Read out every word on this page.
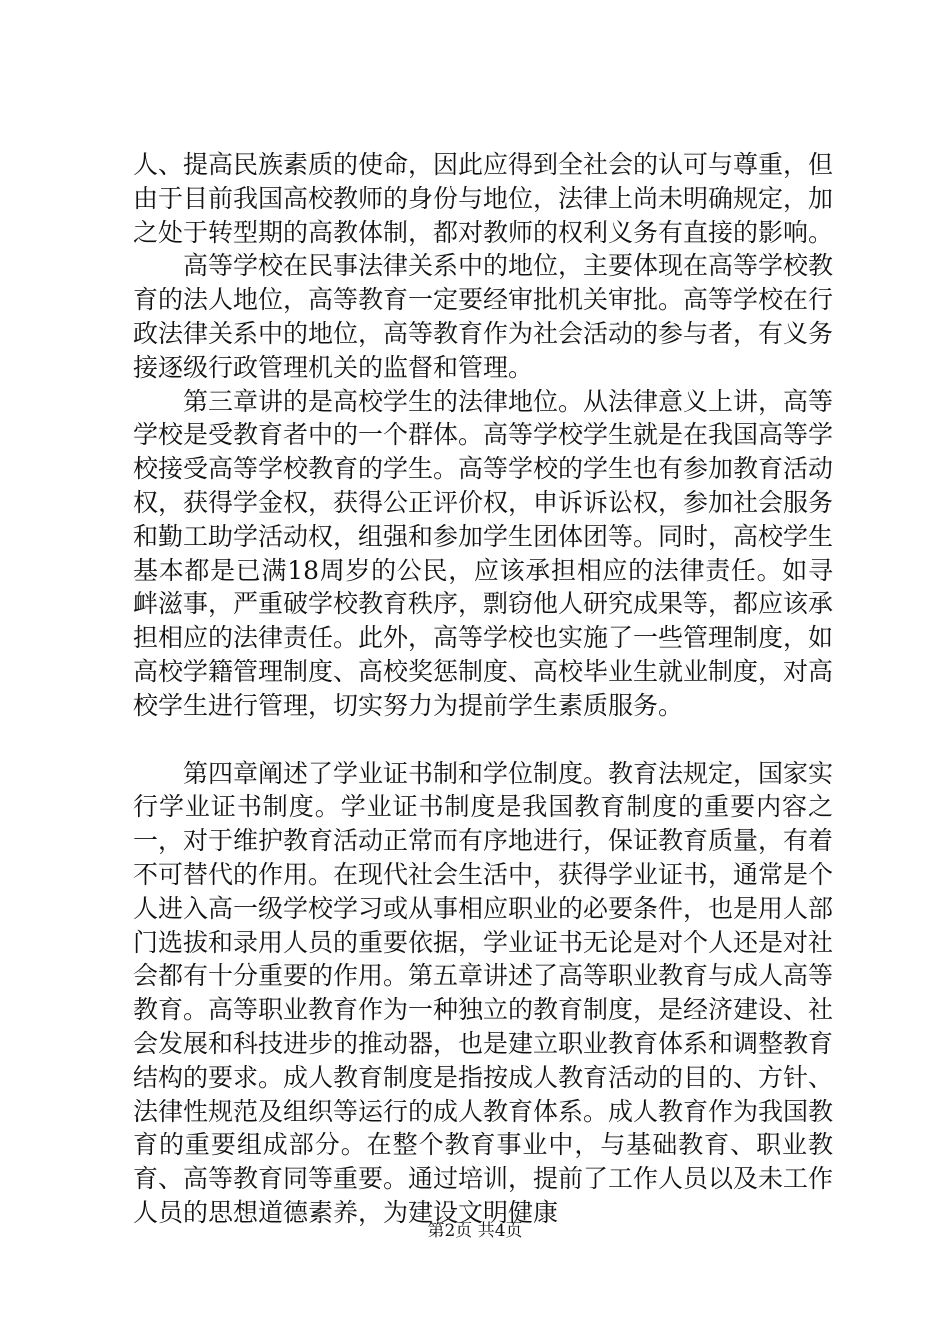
人、提高民族素质的使命，因此应得到全社会的认可与尊重，但由于目前我国高校教师的身份与地位，法律上尚未明确规定，加之处于转型期的高教体制，都对教师的权利义务有直接的影响。

高等学校在民事法律关系中的地位，主要体现在高等学校教育的法人地位，高等教育一定要经审批机关审批。高等学校在行政法律关系中的地位，高等教育作为社会活动的参与者，有义务接逐级行政管理机关的监督和管理。

第三章讲的是高校学生的法律地位。从法律意义上讲，高等学校是受教育者中的一个群体。高等学校学生就是在我国高等学校接受高等学校教育的学生。高等学校的学生也有参加教育活动权，获得学金权，获得公正评价权，申诉诉讼权，参加社会服务和勤工助学活动权，组强和参加学生团体团等。同时，高校学生基本都是已满18周岁的公民，应该承担相应的法律责任。如寻衅滋事，严重破学校教育秩序，剽窃他人研究成果等，都应该承担相应的法律责任。此外，高等学校也实施了一些管理制度，如高校学籍管理制度、高校奖惩制度、高校毕业生就业制度，对高校学生进行管理，切实努力为提前学生素质服务。

第四章阐述了学业证书制和学位制度。教育法规定，国家实行学业证书制度。学业证书制度是我国教育制度的重要内容之一，对于维护教育活动正常而有序地进行，保证教育质量，有着不可替代的作用。在现代社会生活中，获得学业证书，通常是个人进入高一级学校学习或从事相应职业的必要条件，也是用人部门选拔和录用人员的重要依据，学业证书无论是对个人还是对社会都有十分重要的作用。第五章讲述了高等职业教育与成人高等教育。高等职业教育作为一种独立的教育制度，是经济建设、社会发展和科技进步的推动器，也是建立职业教育体系和调整教育结构的要求。成人教育制度是指按成人教育活动的目的、方针、法律性规范及组织等运行的成人教育体系。成人教育作为我国教育的重要组成部分。在整个教育事业中，与基础教育、职业教育、高等教育同等重要。通过培训，提前了工作人员以及未工作人员的思想道德素养，为建设文明健康

第2页 共4页
